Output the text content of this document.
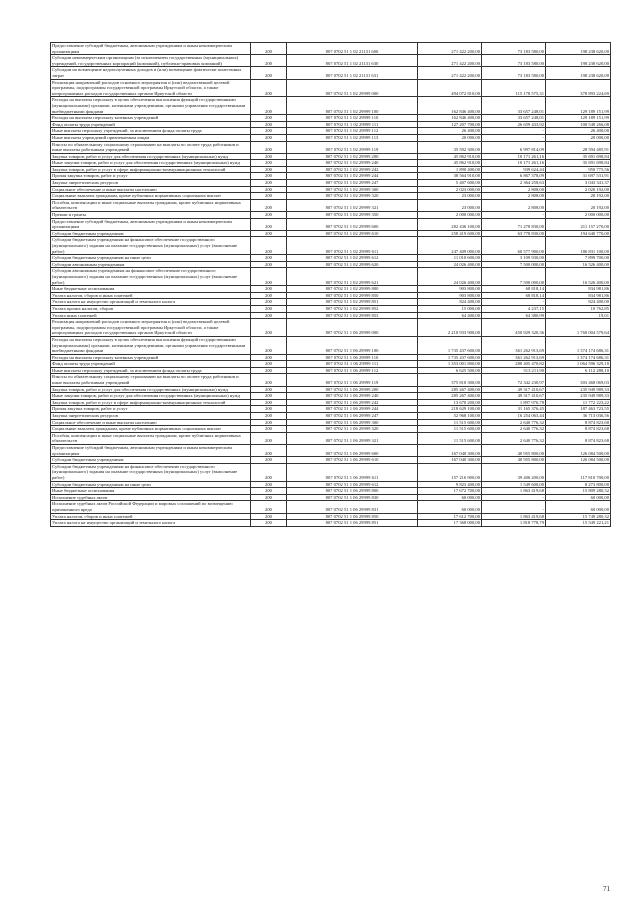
Предоставление субсидий бюджетным, автономным учреждениям и иным некоммерческим организациям	200	807 0702 51 1 02 21131 600	271 422 200,00	73 183 580,00	198 238 620,00
Субсидии некоммерческим организациям (за исключением государственных (муниципальных) учреждений, государственных корпораций (компаний), публично-правовых компаний)	200	807 0702 51 1 02 21131 630	271 422 200,00	73 183 580,00	198 238 620,00
Субсидии на возмещение недополученных доходов и (или) возмещение фактически понесенных затрат	200	807 0702 51 1 02 21131 631	271 422 200,00	73 183 580,00	198 238 620,00
Реализация направлений расходов основного мероприятия и (или) ведомственной целевой программы, подпрограммы государственной программы Иркутской области, а также непрограммных расходов государственных органов Иркутской области	200	807 0702 51 1 02 29999 000	494 072 810,00	115 178 575,31	378 893 224,69
Расходы на выплаты персоналу в целях обеспечения выполнения функций государственными (муниципальными) органами, казенными учреждениями, органами управления государственными внебюджетными фондами	200	807 0702 51 1 02 29999 100	162 846 400,00	33 657 248,01	129 189 151,99
Расходы на выплаты персоналу казенных учреждений	200	807 0702 51 1 02 29999 110	162 846 400,00	33 657 248,01	129 189 151,99
Фонд оплаты труда учреждений	200	807 0702 51 1 02 29999 111	127 207 700,00	26 659 433,92	100 548 266,08
Иные выплаты персоналу учреждений, за исключением фонда оплаты труда	200	807 0702 51 1 02 29999 112	26 400,00	-	26 400,00
Иные выплаты учреждений привлекаемым лицам	200	807 0702 51 1 02 29999 113	20 000,00	-	20 000,00
Взносы по обязательному социальному страхованию на выплаты по оплате труда работников и иные выплаты работникам учреждений	200	807 0702 51 1 02 29999 119	35 592 300,00	6 997 814,09	28 594 485,91
Закупка товаров, работ и услуг для обеспечения государственных (муниципальных) нужд	200	807 0702 51 1 02 29999 200	45 862 910,00	10 171 261,16	35 691 698,84
Иные закупки товаров, работ и услуг для обеспечения государственных (муниципальных) нужд	200	807 0702 51 1 02 29999 240	45 862 910,00	10 171 261,16	35 691 698,84
Закупка товаров, работ и услуг в сфере информационно-коммуникационных технологий	200	807 0702 51 1 02 29999 242	1 890 400,00	939 624,44	950 775,56
Прочая закупка товаров, работ и услуг	200	807 0702 51 1 02 29999 244	38 564 910,00	6 867 378,09	31 697 531,91
Закупка энергетических ресурсов	200	807 0702 51 1 02 29999 247	5 407 600,00	2 364 258,63	3 043 341,37
Социальное обеспечение и иные выплаты населению	200	807 0702 51 1 02 29999 300	2 023 000,00	2 808,00	2 020 192,00
Социальные выплаты гражданам, кроме публичных нормативных социальных выплат	200	807 0702 51 1 02 29999 320	23 000,00	2 808,00	20 192,00
Пособия, компенсации и иные социальные выплаты гражданам, кроме публичных нормативных обязательств	200	807 0702 51 1 02 29999 321	23 000,00	2 808,00	20 192,00
Премии и гранты	200	807 0702 51 1 02 29999 350	2 000 000,00	-	2 000 000,00
Предоставление субсидий бюджетным, автономным учреждениям и иным некоммерческим организациям	200	807 0702 51 1 02 29999 600	282 436 100,00	71 278 830,00	211 157 270,00
Субсидии бюджетным учреждениям	200	807 0702 51 1 02 29999 610	258 419 600,00	63 778 830,00	194 640 770,00
Субсидии бюджетным учреждениям на финансовое обеспечение государственного (муниципального) задания на оказание государственных (муниципальных) услуг (выполнение работ)	200	807 0702 51 1 02 29999 611	247 409 000,00	60 577 900,00	186 831 100,00
Субсидии бюджетным учреждениям на иные цели	200	807 0702 51 1 02 29999 612	11 010 600,00	3 109 930,00	7 899 700,00
Субсидии автономным учреждениям	200	807 0702 51 1 02 29999 620	24 026 400,00	7 500 000,00	16 526 400,00
Субсидии автономным учреждениям на финансовое обеспечение государственного (муниципального) задания на оказание государственных (муниципальных) услуг (выполнение работ)	200	807 0702 51 1 02 29999 621	24 026 400,00	7 500 000,00	16 526 400,00
Иные бюджетные ассигнования	200	807 0702 51 1 02 29999 800	903 800,00	68 818,14	834 981,86
Уплата налогов, сборов и иных платежей	200	807 0702 51 1 02 29999 850	903 800,00	68 818,14	834 981,86
Уплата налога на имущество организаций и земельного налога	200	807 0702 51 1 02 29999 851	824 400,00	-	824 400,00
Уплата прочих налогов, сборов	200	807 0702 51 1 02 29999 852	15 000,00	4 237,15	10 762,85
Уплата иных платежей	200	807 0702 51 1 02 29999 853	64 400,00	64 380,99	19,01
Реализация направлений расходов основного мероприятия и (или) ведомственной целевой программы, подпрограммы государственной программы Иркутской области, а также непрограммных расходов государственных органов Иркутской области	200	807 0702 51 1 06 29999 000	2 210 933 900,00	450 929 320,36	1 760 004 579,64
Расходы на выплаты персоналу в целях обеспечения выполнения функций государственными (муниципальными) органами, казенными учреждениями, органами управления государственными внебюджетными фондами	200	807 0702 51 1 06 29999 100	1 735 437 600,00	361 262 913,69	1 374 174 686,31
Расходы на выплаты персоналу казенных учреждений	200	807 0702 51 1 06 29999 110	1 735 437 600,00	361 262 913,69	1 374 174 686,31
Фонд оплаты труда учреждений	200	807 0702 51 1 06 29999 111	1 353 001 800,00	288 405 470,82	1 064 596 329,18
Иные выплаты персоналу учреждений, за исключением фонда оплаты труда	200	807 0702 51 1 06 29999 112	6 625 500,00	513 211,90	6 112 288,10
Взносы по обязательному социальному страхованию на выплаты по оплате труда работников и иные выплаты работникам учреждений	200	807 0702 51 1 06 29999 119	375 810 300,00	72 342 230,97	303 468 069,03
Закупка товаров, работ и услуг для обеспечения государственных (муниципальных) нужд	200	807 0702 51 1 06 29999 200	285 267 400,00	49 317 410,67	235 949 989,33
Иные закупки товаров, работ и услуг для обеспечения государственных (муниципальных) нужд	200	807 0702 51 1 06 29999 240	285 267 400,00	49 317 410,67	235 949 989,33
Закупка товаров, работ и услуг в сфере информационно-коммуникационных технологий	200	807 0702 51 1 06 29999 242	13 670 200,00	1 897 976,78	11 772 223,22
Прочая закупка товаров, работ и услуг	200	807 0702 51 1 06 29999 244	218 629 100,00	31 165 376,45	187 463 723,55
Закупка энергетических ресурсов	200	807 0702 51 1 06 29999 247	52 968 100,00	16 254 063,44	36 713 036,56
Социальное обеспечение и иные выплаты населению	200	807 0702 51 1 06 29999 300	11 515 600,00	2 640 776,32	8 874 823,68
Социальные выплаты гражданам, кроме публичных нормативных социальных выплат	200	807 0702 51 1 06 29999 320	11 515 600,00	2 640 776,32	8 874 823,68
Пособия, компенсации и иные социальные выплаты гражданам, кроме публичных нормативных обязательств	200	807 0702 51 1 06 29999 321	11 515 600,00	2 640 776,32	8 874 823,68
Предоставление субсидий бюджетным, автономным учреждениям и иным некоммерческим организациям	200	807 0702 51 1 06 29999 600	167 040 300,00	40 955 800,00	126 084 500,00
Субсидии бюджетным учреждениям	200	807 0702 51 1 06 29999 610	167 040 300,00	40 955 800,00	126 084 500,00
Субсидии бюджетным учреждениям на финансовое обеспечение государственного (муниципального) задания на оказание государственных (муниципальных) услуг (выполнение работ)	200	807 0702 51 1 06 29999 611	157 216 900,00	39 406 200,00	117 810 700,00
Субсидии бюджетным учреждениям на иные цели	200	807 0702 51 1 06 29999 612	9 823 400,00	1 549 600,00	8 273 800,00
Иные бюджетные ассигнования	200	807 0702 51 1 06 29999 800	17 672 700,00	1 863 419,68	15 809 280,32
Исполнение судебных актов	200	807 0702 51 1 06 29999 830	60 000,00	-	60 000,00
Исполнение судебных актов Российской Федерации и мировых соглашений по возмещению причиненного вреда	200	807 0702 51 1 06 29999 831	60 000,00	-	60 000,00
Уплата налогов, сборов и иных платежей	200	807 0702 51 1 06 29999 850	17 612 700,00	1 863 419,68	15 749 280,32
Уплата налога на имущество организаций и земельного налога	200	807 0702 51 1 06 29999 851	17 368 000,00	1 818 778,79	15 549 221,21
71
